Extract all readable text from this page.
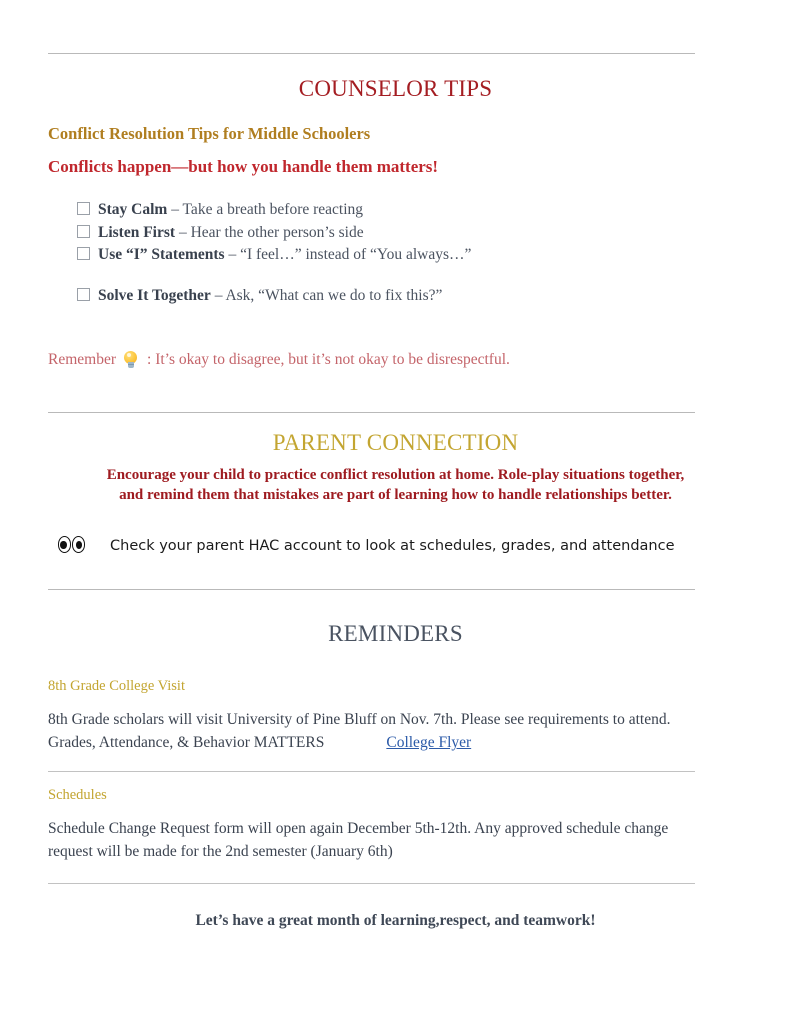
COUNSELOR TIPS

Conflict Resolution Tips for Middle Schoolers

Conflicts happen—but how you handle them matters!

Stay Calm – Take a breath before reacting
Listen First – Hear the other person’s side
Use “I” Statements – “I feel…” instead of “You always…”
Solve It Together – Ask, “What can we do to fix this?”

Remember : It’s okay to disagree, but it’s not okay to be disrespectful.

PARENT CONNECTION

Encourage your child to practice conflict resolution at home. Role-play situations together,
and remind them that mistakes are part of learning how to handle relationships better.

Check your parent HAC account to look at schedules, grades, and attendance
REMINDERS

8th Grade College Visit

8th Grade scholars will visit University of Pine Bluff on Nov. 7th. Please see requirements to attend. Grades, Attendance, & Behavior MATTERS	College Flyer

Schedules

Schedule Change Request form will open again December 5th-12th. Any approved schedule change request will be made for the 2nd semester (January 6th)

Let’s have a great month of learning,respect, and teamwork!
